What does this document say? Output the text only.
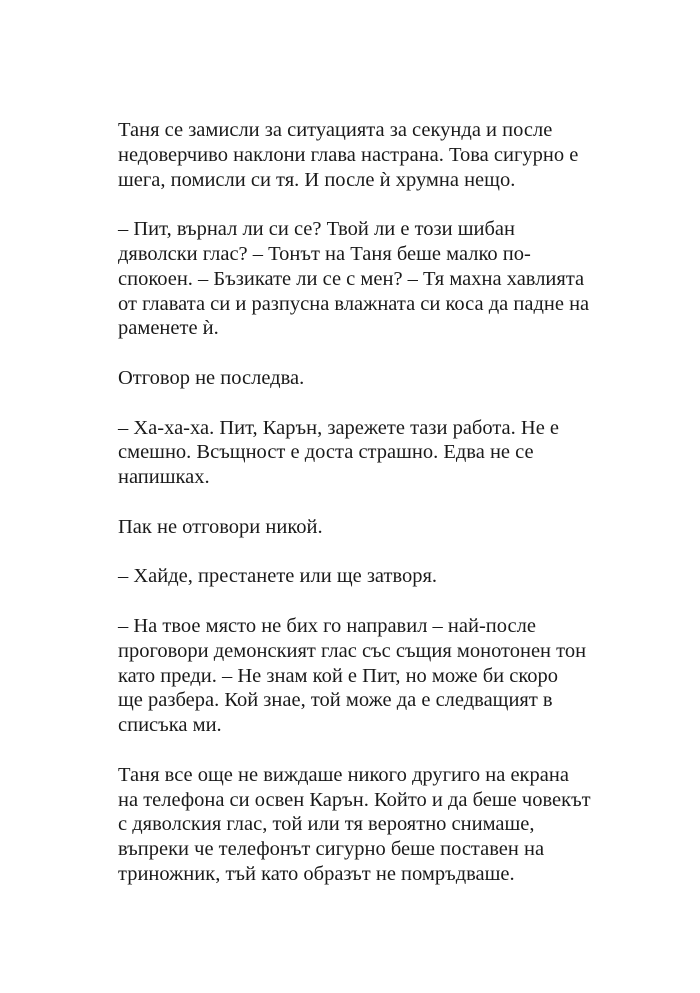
Таня се замисли за ситуацията за секунда и после
недоверчиво наклони глава настрана. Това сигурно е
шега, помисли си тя. И после ѝ хрумна нещо.

– Пит, върнал ли си се? Твой ли е този шибан
дяволски глас? – Тонът на Таня беше малко по-
спокоен. – Бъзикате ли се с мен? – Тя махна хавлията
от главата си и разпусна влажната си коса да падне на
раменете ѝ.

Отговор не последва.

– Ха-ха-ха. Пит, Карън, зарежете тази работа. Не е
смешно. Всъщност е доста страшно. Едва не се
напишках.

Пак не отговори никой.

– Хайде, престанете или ще затворя.

– На твое място не бих го направил – най-после
проговори демонският глас със същия монотонен тон
като преди. – Не знам кой е Пит, но може би скоро
ще разбера. Кой знае, той може да е следващият в
списъка ми.

Таня все още не виждаше никого другиго на екрана
на телефона си освен Карън. Който и да беше човекът
с дяволския глас, той или тя вероятно снимаше,
въпреки че телефонът сигурно беше поставен на
триножник, тъй като образът не помръдваше.
